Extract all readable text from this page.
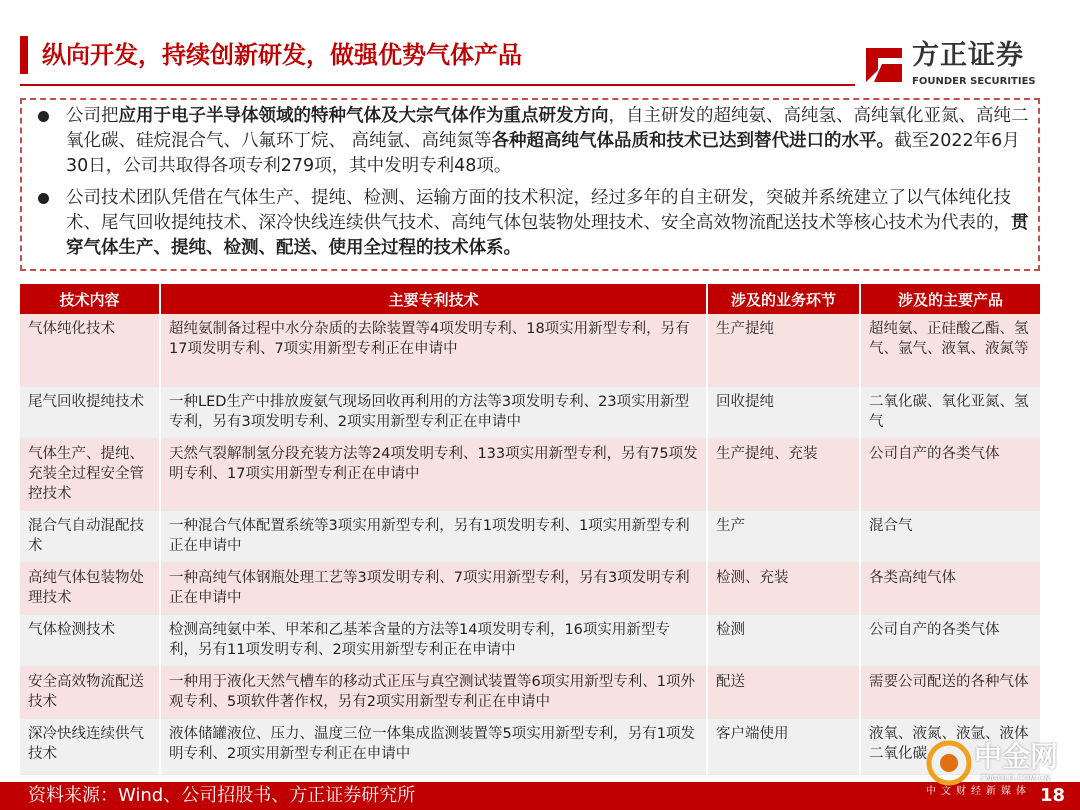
纵向开发，持续创新研发，做强优势气体产品	方正证券
FOUNDER SECURITIES
公司把应用于电子半导体领域的特种气体及大宗气体作为重点研发方向，自主研发的超纯氨、高纯氢、高纯氧化亚氮、高纯二氧化碳、硅烷混合气、八氟环丁烷、 高纯氩、高纯氮等各种超高纯气体品质和技术已达到替代进口的水平。截至2022年6月30日，公司共取得各项专利279项，其中发明专利48项。
公司技术团队凭借在气体生产、提纯、检测、运输方面的技术积淀，经过多年的自主研发，突破并系统建立了以气体纯化技术、尾气回收提纯技术、深冷快线连续供气技术、高纯气体包装物处理技术、安全高效物流配送技术等核心技术为代表的，贯穿气体生产、提纯、检测、配送、使用全过程的技术体系。
技术内容	主要专利技术	涉及的业务环节	涉及的主要产品
气体纯化技术	超纯氨制备过程中水分杂质的去除装置等4项发明专利、18项实用新型专利，另有17项发明专利、7项实用新型专利正在申请中	生产提纯	超纯氨、正硅酸乙酯、氢气、氩气、液氧、液氮等
尾气回收提纯技术	一种LED生产中排放废氨气现场回收再利用的方法等3项发明专利、23项实用新型专利，另有3项发明专利、2项实用新型专利正在申请中	回收提纯	二氧化碳、氧化亚氮、氢气
气体生产、提纯、充装全过程安全管控技术	天然气裂解制氢分段充装方法等24项发明专利、133项实用新型专利，另有75项发明专利、17项实用新型专利正在申请中	生产提纯、充装	公司自产的各类气体
混合气自动混配技术	一种混合气体配置系统等3项实用新型专利，另有1项发明专利、1项实用新型专利正在申请中	生产	混合气
高纯气体包装物处理技术	一种高纯气体钢瓶处理工艺等3项发明专利、7项实用新型专利，另有3项发明专利正在申请中	检测、充装	各类高纯气体
气体检测技术	检测高纯氨中苯、甲苯和乙基苯含量的方法等14项发明专利，16项实用新型专利，另有11项发明专利、2项实用新型专利正在申请中	检测	公司自产的各类气体
安全高效物流配送技术	一种用于液化天然气槽车的移动式正压与真空测试装置等6项实用新型专利、1项外观专利、5项软件著作权，另有2项实用新型专利正在申请中	配送	需要公司配送的各种气体
深冷快线连续供气技术	液体储罐液位、压力、温度三位一体集成监测装置等5项实用新型专利，另有1项发明专利、2项实用新型专利正在申请中	客户端使用	液氧、液氮、液氩、液体二氧化碳
资料来源：Wind、公司招股书、方正证券研究所
中金网
CNGOLD.COM.CN
中文财经新媒体 18
